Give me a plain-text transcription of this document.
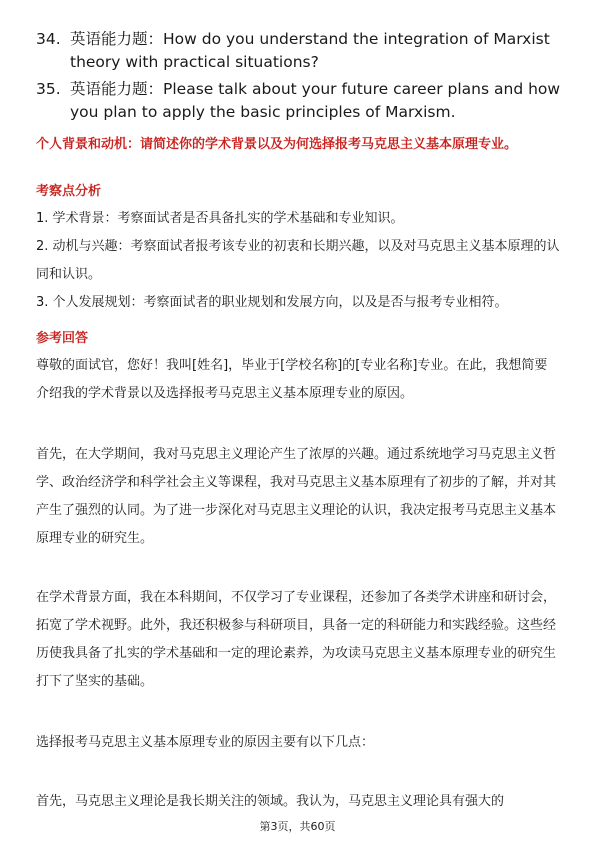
34. 英语能力题：How do you understand the integration of Marxist theory with practical situations?
35. 英语能力题：Please talk about your future career plans and how you plan to apply the basic principles of Marxism.
个人背景和动机：请简述你的学术背景以及为何选择报考马克思主义基本原理专业。
考察点分析
1. 学术背景：考察面试者是否具备扎实的学术基础和专业知识。
2. 动机与兴趣：考察面试者报考该专业的初衷和长期兴趣，以及对马克思主义基本原理的认同和认识。
3. 个人发展规划：考察面试者的职业规划和发展方向，以及是否与报考专业相符。
参考回答
尊敬的面试官，您好！我叫[姓名]，毕业于[学校名称]的[专业名称]专业。在此，我想简要介绍我的学术背景以及选择报考马克思主义基本原理专业的原因。
首先，在大学期间，我对马克思主义理论产生了浓厚的兴趣。通过系统地学习马克思主义哲学、政治经济学和科学社会主义等课程，我对马克思主义基本原理有了初步的了解，并对其产生了强烈的认同。为了进一步深化对马克思主义理论的认识，我决定报考马克思主义基本原理专业的研究生。
在学术背景方面，我在本科期间，不仅学习了专业课程，还参加了各类学术讲座和研讨会，拓宽了学术视野。此外，我还积极参与科研项目，具备一定的科研能力和实践经验。这些经历使我具备了扎实的学术基础和一定的理论素养，为攻读马克思主义基本原理专业的研究生打下了坚实的基础。
选择报考马克思主义基本原理专业的原因主要有以下几点：
首先，马克思主义理论是我长期关注的领域。我认为，马克思主义理论具有强大的
第3页，共60页
